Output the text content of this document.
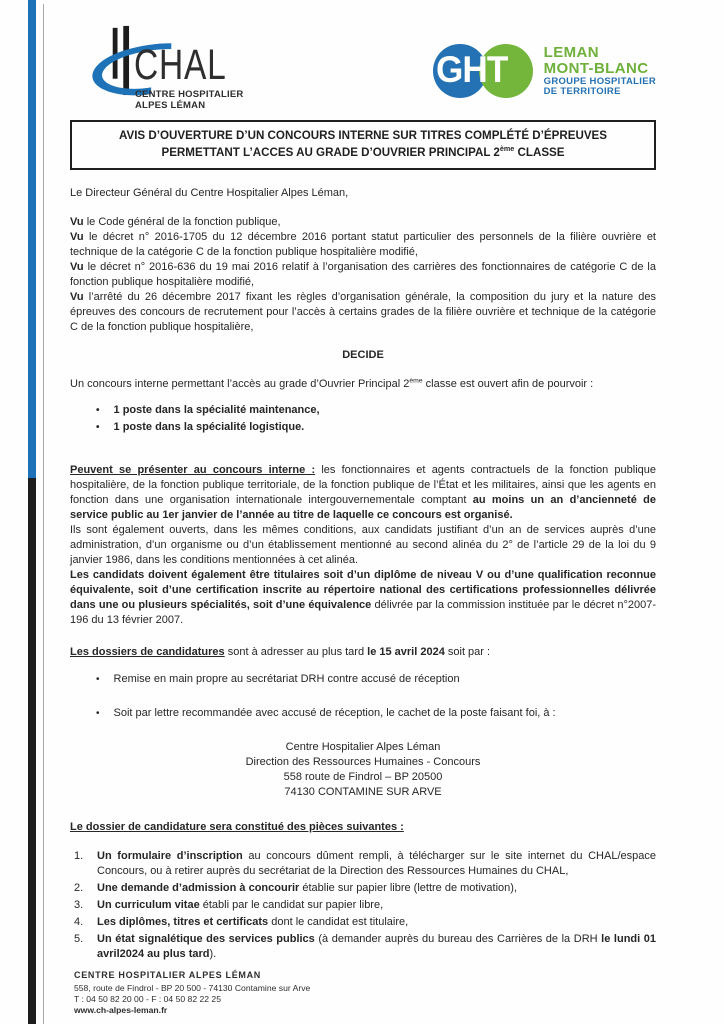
CHAL
CENTRE HOSPITALIER
ALPES LÉMAN
GHT LEMAN
MONT-BLANC
GROUPE HOSPITALIER
DE TERRITOIRE
AVIS D’OUVERTURE D’UN CONCOURS INTERNE SUR TITRES COMPLÉTÉ D’ÉPREUVES
PERMETTANT L’ACCES AU GRADE D’OUVRIER PRINCIPAL 2ème CLASSE

Le Directeur Général du Centre Hospitalier Alpes Léman,

Vu le Code général de la fonction publique,

Vu le décret n° 2016-1705 du 12 décembre 2016 portant statut particulier des personnels de la filière ouvrière et technique de la catégorie C de la fonction publique hospitalière modifié,

Vu le décret n° 2016-636 du 19 mai 2016 relatif à l’organisation des carrières des fonctionnaires de catégorie C de la fonction publique hospitalière modifié,

Vu l’arrêté du 26 décembre 2017 fixant les règles d’organisation générale, la composition du jury et la nature des épreuves des concours de recrutement pour l’accès à certains grades de la filière ouvrière et technique de la catégorie C de la fonction publique hospitalière,

DECIDE

Un concours interne permettant l’accès au grade d’Ouvrier Principal 2ème classe est ouvert afin de pourvoir :

• 1 poste dans la spécialité maintenance,
• 1 poste dans la spécialité logistique.

Peuvent se présenter au concours interne : les fonctionnaires et agents contractuels de la fonction publique hospitalière, de la fonction publique territoriale, de la fonction publique de l’État et les militaires, ainsi que les agents en fonction dans une organisation internationale intergouvernementale comptant au moins un an d’ancienneté de service public au 1er janvier de l’année au titre de laquelle ce concours est organisé.

Ils sont également ouverts, dans les mêmes conditions, aux candidats justifiant d’un an de services auprès d’une administration, d’un organisme ou d’un établissement mentionné au second alinéa du 2° de l’article 29 de la loi du 9 janvier 1986, dans les conditions mentionnées à cet alinéa.

Les candidats doivent également être titulaires soit d’un diplôme de niveau V ou d’une qualification reconnue équivalente, soit d’une certification inscrite au répertoire national des certifications professionnelles délivrée dans une ou plusieurs spécialités, soit d’une équivalence délivrée par la commission instituée par le décret n°2007-196 du 13 février 2007.

Les dossiers de candidatures sont à adresser au plus tard le 15 avril 2024 soit par :

• Remise en main propre au secrétariat DRH contre accusé de réception
• Soit par lettre recommandée avec accusé de réception, le cachet de la poste faisant foi, à :
Centre Hospitalier Alpes Léman
Direction des Ressources Humaines - Concours
558 route de Findrol – BP 20500
74130 CONTAMINE SUR ARVE

Le dossier de candidature sera constitué des pièces suivantes :

1.	Un formulaire d’inscription au concours dûment rempli, à télécharger sur le site internet du CHAL/espace Concours, ou à retirer auprès du secrétariat de la Direction des Ressources Humaines du CHAL,

2.	Une demande d’admission à concourir établie sur papier libre (lettre de motivation),

3.	Un curriculum vitae établi par le candidat sur papier libre,

4.	Les diplômes, titres et certificats dont le candidat est titulaire,

5.	Un état signalétique des services publics (à demander auprès du bureau des Carrières de la DRH le lundi 01 avril2024 au plus tard).

CENTRE HOSPITALIER ALPES LÉMAN
558, route de Findrol - BP 20 500 - 74130 Contamine sur Arve
T : 04 50 82 20 00 - F : 04 50 82 22 25
www.ch-alpes-leman.fr
